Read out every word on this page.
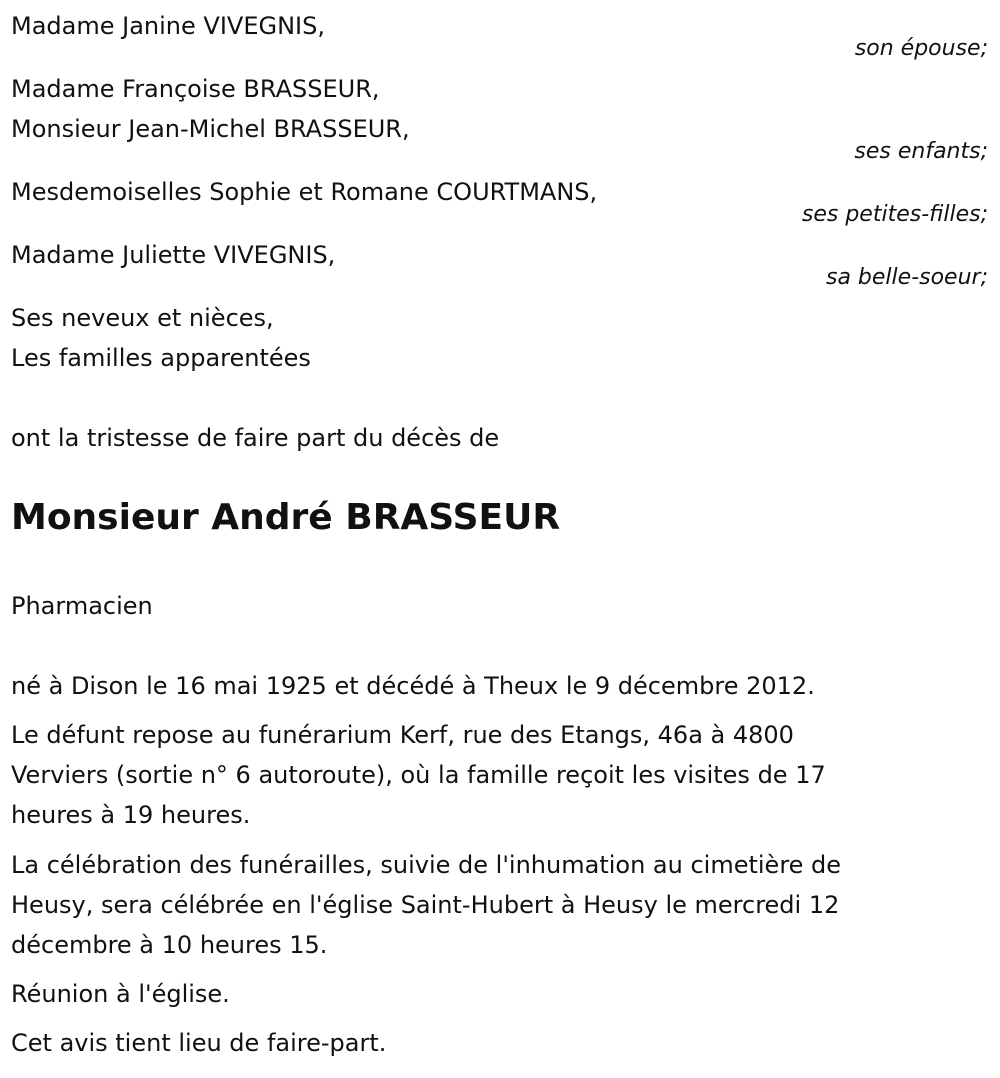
Madame Janine VIVEGNIS,

son épouse;

Madame Françoise BRASSEUR,

Monsieur Jean-Michel BRASSEUR,

ses enfants;

Mesdemoiselles Sophie et Romane COURTMANS,

ses petites-filles;

Madame Juliette VIVEGNIS,

sa belle-soeur;

Ses neveux et nièces,

Les familles apparentées

ont la tristesse de faire part du décès de

Monsieur André BRASSEUR

Pharmacien

né à Dison le 16 mai 1925 et décédé à Theux le 9 décembre 2012.

Le défunt repose au funérarium Kerf, rue des Etangs, 46a à 4800
Verviers (sortie n° 6 autoroute), où la famille reçoit les visites de 17
heures à 19 heures.
La célébration des funérailles, suivie de l'inhumation au cimetière de
Heusy, sera célébrée en l'église Saint-Hubert à Heusy le mercredi 12
décembre à 10 heures 15.

Réunion à l'église.

Cet avis tient lieu de faire-part.
